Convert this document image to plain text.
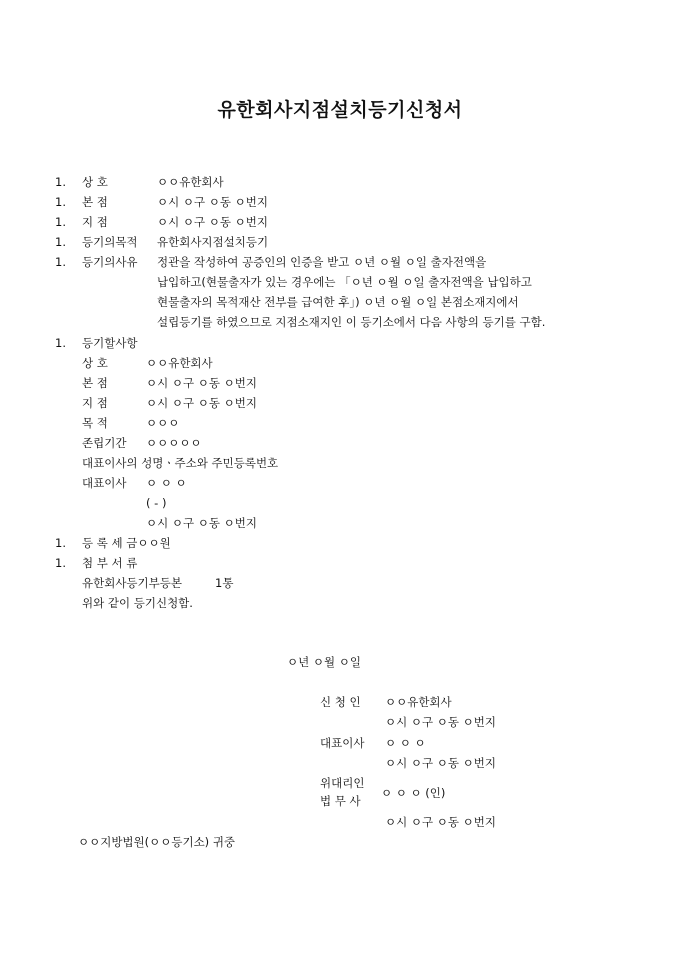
유한회사지점설치등기신청서
1. 상 호	ㅇㅇ유한회사
1. 본 점	ㅇ시 ㅇ구 ㅇ동 ㅇ번지
1. 지 점	ㅇ시 ㅇ구 ㅇ동 ㅇ번지
1. 등기의목적 유한회사지점설치등기
1. 등기의사유 정관을 작성하여 공증인의 인증을 받고 ㅇ년 ㅇ월 ㅇ일 출자전액을
납입하고(현물출자가 있는 경우에는 「ㅇ년 ㅇ월 ㅇ일 출자전액을 납입하고
현물출자의 목적재산 전부를 급여한 후」) ㅇ년 ㅇ월 ㅇ일 본점소재지에서
설립등기를 하였으므로 지점소재지인 이 등기소에서 다음 사항의 등기를 구함.
1. 등기할사항
상 호	ㅇㅇ유한회사
본 점	ㅇ시 ㅇ구 ㅇ동 ㅇ번지
지 점	ㅇ시 ㅇ구 ㅇ동 ㅇ번지
목 적	ㅇㅇㅇ
존립기간 ㅇㅇㅇㅇㅇ
대표이사의 성명ㆍ주소와 주민등록번호
대표이사 ㅇ ㅇ ㅇ
( - )
ㅇ시 ㅇ구 ㅇ동 ㅇ번지
1. 등 록 세 금ㅇㅇ원
1. 첨 부 서 류
유한회사등기부등본	1통
위와 같이 등기신청함.
ㅇ년 ㅇ월 ㅇ일
신 청 인 ㅇㅇ유한회사
ㅇ시 ㅇ구 ㅇ동 ㅇ번지
대표이사 ㅇ ㅇ ㅇ
ㅇ시 ㅇ구 ㅇ동 ㅇ번지
위대리인
법 무 사
ㅇ ㅇ ㅇ (인)
ㅇ시 ㅇ구 ㅇ동 ㅇ번지
ㅇㅇ지방법원(ㅇㅇ등기소) 귀중
